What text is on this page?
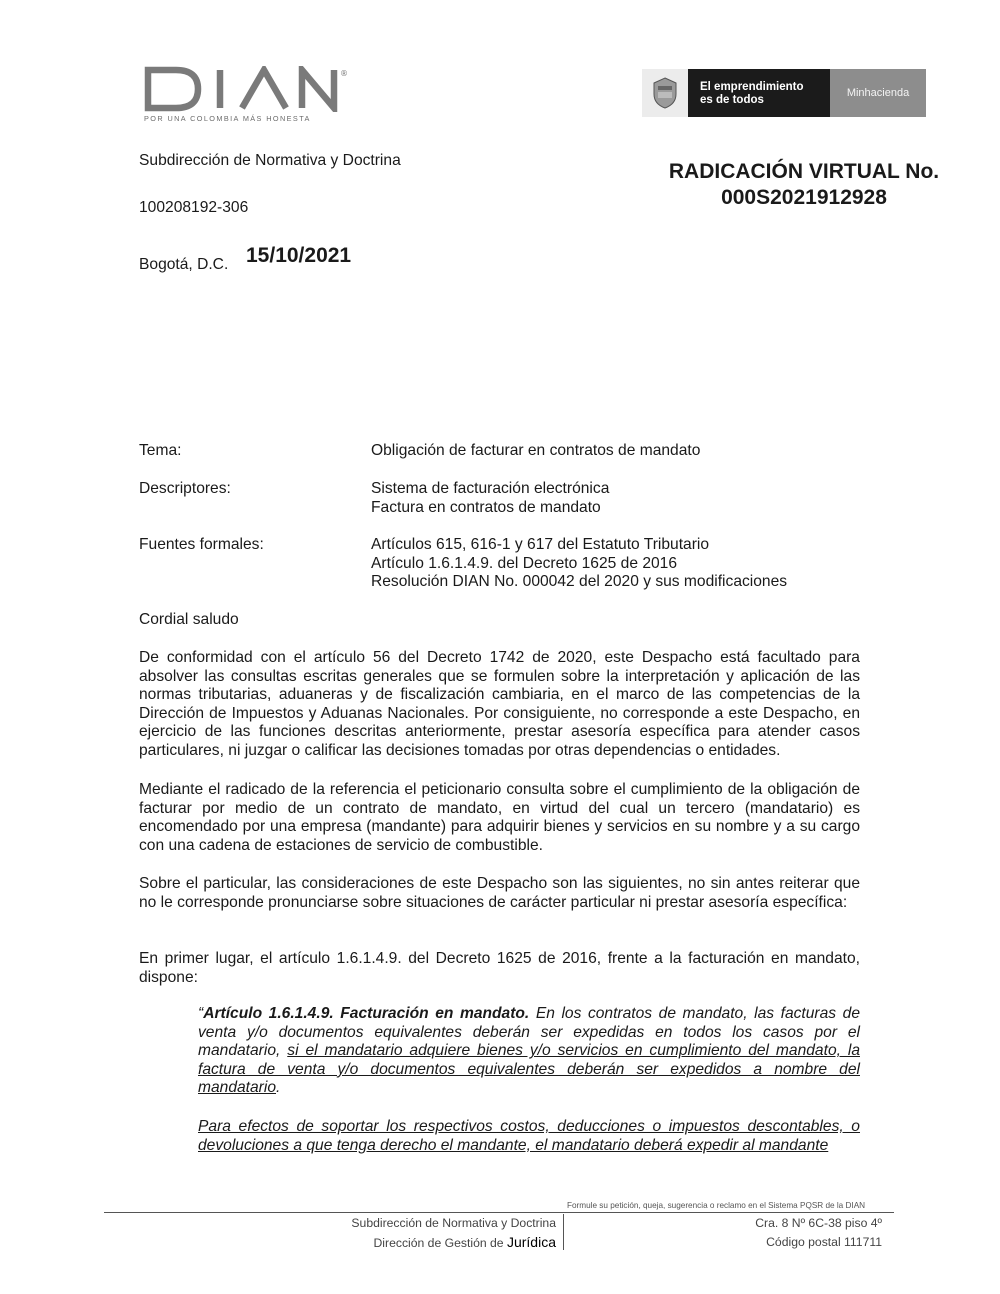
®
POR UNA COLOMBIA MÁS HONESTA
El emprendimiento
es de todos
Minhacienda
Subdirección de Normativa y Doctrina
100208192-306
RADICACIÓN VIRTUAL No.
000S2021912928
Bogotá, D.C. 15/10/2021
Tema:	Obligación de facturar en contratos de mandato
Descriptores:	Sistema de facturación electrónica
Factura en contratos de mandato
Fuentes formales:	Artículos 615, 616-1 y 617 del Estatuto Tributario
Artículo 1.6.1.4.9. del Decreto 1625 de 2016
Resolución DIAN No. 000042 del 2020 y sus modificaciones
Cordial saludo
De conformidad con el artículo 56 del Decreto 1742 de 2020, este Despacho está facultado para absolver las consultas escritas generales que se formulen sobre la interpretación y aplicación de las normas tributarias, aduaneras y de fiscalización cambiaria, en el marco de las competencias de la Dirección de Impuestos y Aduanas Nacionales. Por consiguiente, no corresponde a este Despacho, en ejercicio de las funciones descritas anteriormente, prestar asesoría específica para atender casos particulares, ni juzgar o calificar las decisiones tomadas por otras dependencias o entidades.
Mediante el radicado de la referencia el peticionario consulta sobre el cumplimiento de la obligación de facturar por medio de un contrato de mandato, en virtud del cual un tercero (mandatario) es encomendado por una empresa (mandante) para adquirir bienes y servicios en su nombre y a su cargo con una cadena de estaciones de servicio de combustible.
Sobre el particular, las consideraciones de este Despacho son las siguientes, no sin antes reiterar que no le corresponde pronunciarse sobre situaciones de carácter particular ni prestar asesoría específica:
En primer lugar, el artículo 1.6.1.4.9. del Decreto 1625 de 2016, frente a la facturación en mandato, dispone:
“Artículo 1.6.1.4.9. Facturación en mandato. En los contratos de mandato, las facturas de venta y/o documentos equivalentes deberán ser expedidas en todos los casos por el mandatario, si el mandatario adquiere bienes y/o servicios en cumplimiento del mandato, la factura de venta y/o documentos equivalentes deberán ser expedidos a nombre del mandatario.
Para efectos de soportar los respectivos costos, deducciones o impuestos descontables, o devoluciones a que tenga derecho el mandante, el mandatario deberá expedir al mandante
Formule su petición, queja, sugerencia o reclamo en el Sistema PQSR de la DIAN
Subdirección de Normativa y Doctrina
Dirección de Gestión de Jurídica
Cra. 8 Nº 6C-38 piso 4º
Código postal 111711
